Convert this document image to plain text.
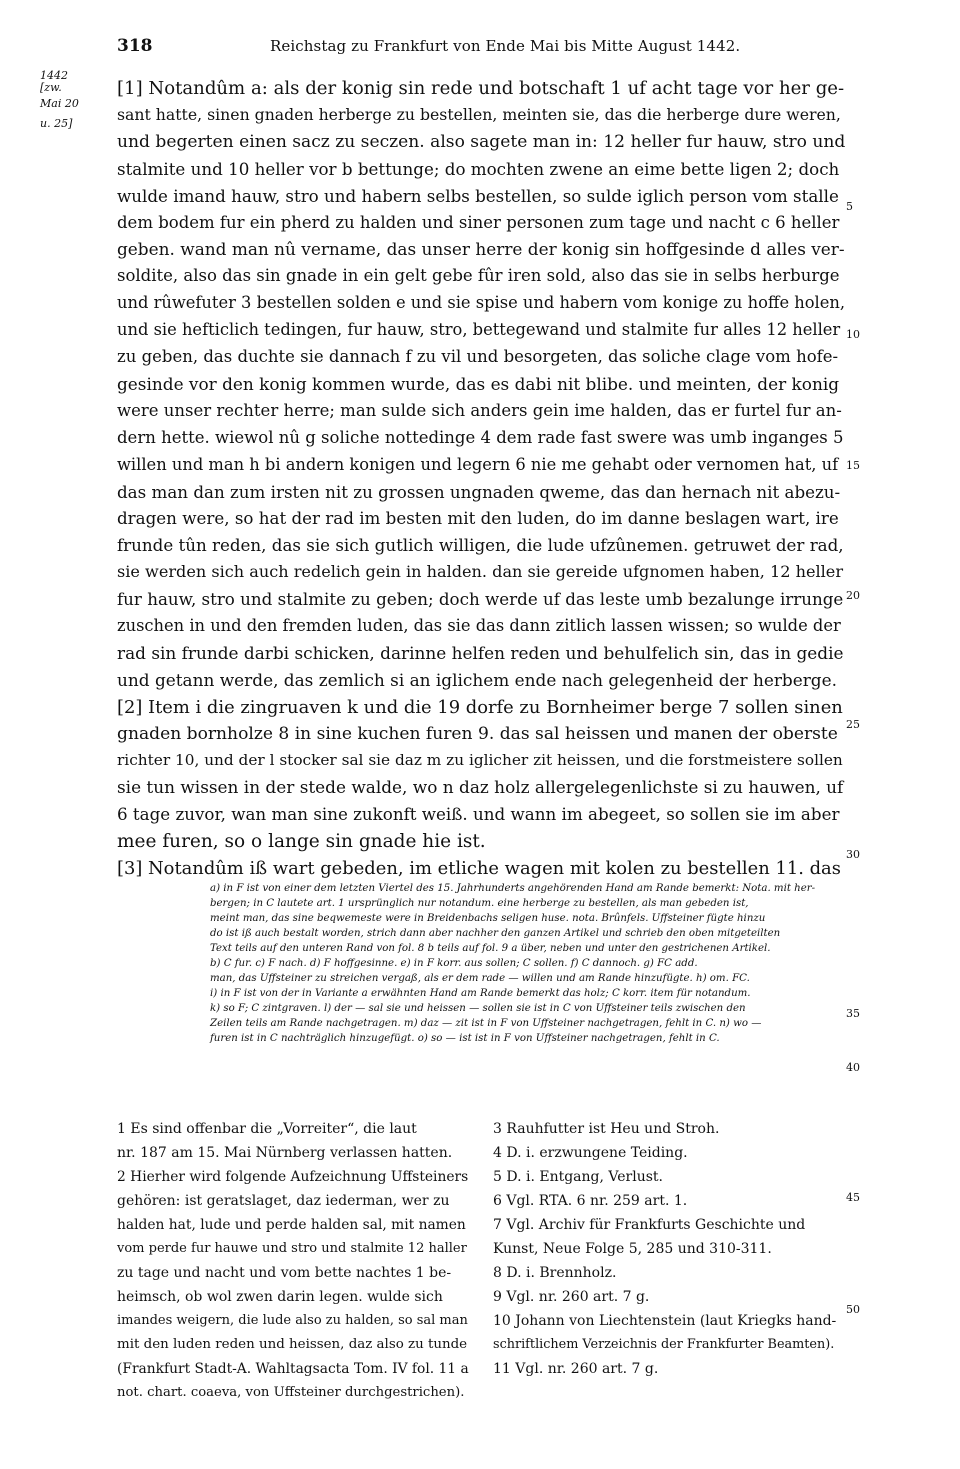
318	Reichstag zu Frankfurt von Ende Mai bis Mitte August 1442.
1442
[zw.
Mai 20
u. 25]
[1] Notandûm a: als der konig sin rede und botschaft 1 uf acht tage vor her ge-
sant hatte, sinen gnaden herberge zu bestellen, meinten sie, das die herberge dure weren,
und begerten einen sacz zu seczen. also sagete man in: 12 heller fur hauw, stro und
stalmite und 10 heller vor b bettunge; do mochten zwene an eime bette ligen 2; doch
wulde imand hauw, stro und habern selbs bestellen, so sulde iglich person vom stalle
dem bodem fur ein pherd zu halden und siner personen zum tage und nacht c 6 heller
geben. wand man nû vername, das unser herre der konig sin hoffgesinde d alles ver-
soldite, also das sin gnade in ein gelt gebe fûr iren sold, also das sie in selbs herburge
und rûwefuter 3 bestellen solden e und sie spise und habern vom konige zu hoffe holen,
und sie hefticlich tedingen, fur hauw, stro, bettegewand und stalmite fur alles 12 heller
zu geben, das duchte sie dannach f zu vil und besorgeten, das soliche clage vom hofe-
gesinde vor den konig kommen wurde, das es dabi nit blibe. und meinten, der konig
were unser rechter herre; man sulde sich anders gein ime halden, das er furtel fur an-
dern hette. wiewol nû g soliche nottedinge 4 dem rade fast swere was umb inganges 5
willen und man h bi andern konigen und legern 6 nie me gehabt oder vernomen hat, uf
das man dan zum irsten nit zu grossen ungnaden qweme, das dan hernach nit abezu-
dragen were, so hat der rad im besten mit den luden, do im danne beslagen wart, ire
frunde tûn reden, das sie sich gutlich willigen, die lude ufzûnemen. getruwet der rad,
sie werden sich auch redelich gein in halden. dan sie gereide ufgnomen haben, 12 heller
fur hauw, stro und stalmite zu geben; doch werde uf das leste umb bezalunge irrunge
zuschen in und den fremden luden, das sie das dann zitlich lassen wissen; so wulde der
rad sin frunde darbi schicken, darinne helfen reden und behulfelich sin, das in gedie
und getann werde, das zemlich si an iglichem ende nach gelegenheid der herberge.
[2] Item i die zingruaven k und die 19 dorfe zu Bornheimer berge 7 sollen sinen
gnaden bornholze 8 in sine kuchen furen 9. das sal heissen und manen der oberste
richter 10, und der l stocker sal sie daz m zu iglicher zit heissen, und die forstmeistere sollen
sie tun wissen in der stede walde, wo n daz holz allergelegenlichste si zu hauwen, uf
6 tage zuvor, wan man sine zukonft weiß. und wann im abegeet, so sollen sie im aber
mee furen, so o lange sin gnade hie ist.
[3] Notandûm iß wart gebeden, im etliche wagen mit kolen zu bestellen 11. das
5
10
15
20
25
30
35
40
45
50
a) in F ist von einer dem letzten Viertel des 15. Jahrhunderts angehörenden Hand am Rande bemerkt: Nota. mit her-
bergen; in C lautete art. 1 ursprünglich nur notandum. eine herberge zu bestellen, als man gebeden ist,
meint man, das sine beqwemeste were in Breidenbachs seligen huse. nota. Brûnfels. Uffsteiner fügte hinzu
do ist iß auch bestalt worden, strich dann aber nachher den ganzen Artikel und schrieb den oben mitgeteilten
Text teils auf den unteren Rand von fol. 8 b teils auf fol. 9 a über, neben und unter den gestrichenen Artikel.
b) C fur. c) F nach. d) F hoffgesinne. e) in F korr. aus sollen; C sollen. f) C dannoch. g) FC add.
man, das Uffsteiner zu streichen vergaß, als er dem rade — willen und am Rande hinzufügte. h) om. FC.
i) in F ist von der in Variante a erwähnten Hand am Rande bemerkt das holz; C korr. item für notandum.
k) so F; C zintgraven. l) der — sal sie und heissen — sollen sie ist in C von Uffsteiner teils zwischen den
Zeilen teils am Rande nachgetragen. m) daz — zit ist in F von Uffsteiner nachgetragen, fehlt in C. n) wo —
furen ist in C nachträglich hinzugefügt. o) so — ist ist in F von Uffsteiner nachgetragen, fehlt in C.
1 Es sind offenbar die „Vorreiter“, die laut
nr. 187 am 15. Mai Nürnberg verlassen hatten.
2 Hierher wird folgende Aufzeichnung Uffsteiners
gehören: ist geratslaget, daz iederman, wer zu
halden hat, lude und perde halden sal, mit namen
vom perde fur hauwe und stro und stalmite 12 haller
zu tage und nacht und vom bette nachtes 1 be-
heimsch, ob wol zwen darin legen. wulde sich
imandes weigern, die lude also zu halden, so sal man
mit den luden reden und heissen, daz also zu tunde
(Frankfurt Stadt-A. Wahltagsacta Tom. IV fol. 11 a
not. chart. coaeva, von Uffsteiner durchgestrichen).
3 Rauhfutter ist Heu und Stroh.
4 D. i. erzwungene Teiding.
5 D. i. Entgang, Verlust.
6 Vgl. RTA. 6 nr. 259 art. 1.
7 Vgl. Archiv für Frankfurts Geschichte und
Kunst, Neue Folge 5, 285 und 310-311.
8 D. i. Brennholz.
9 Vgl. nr. 260 art. 7 g.
10 Johann von Liechtenstein (laut Kriegks hand-
schriftlichem Verzeichnis der Frankfurter Beamten).
11 Vgl. nr. 260 art. 7 g.
